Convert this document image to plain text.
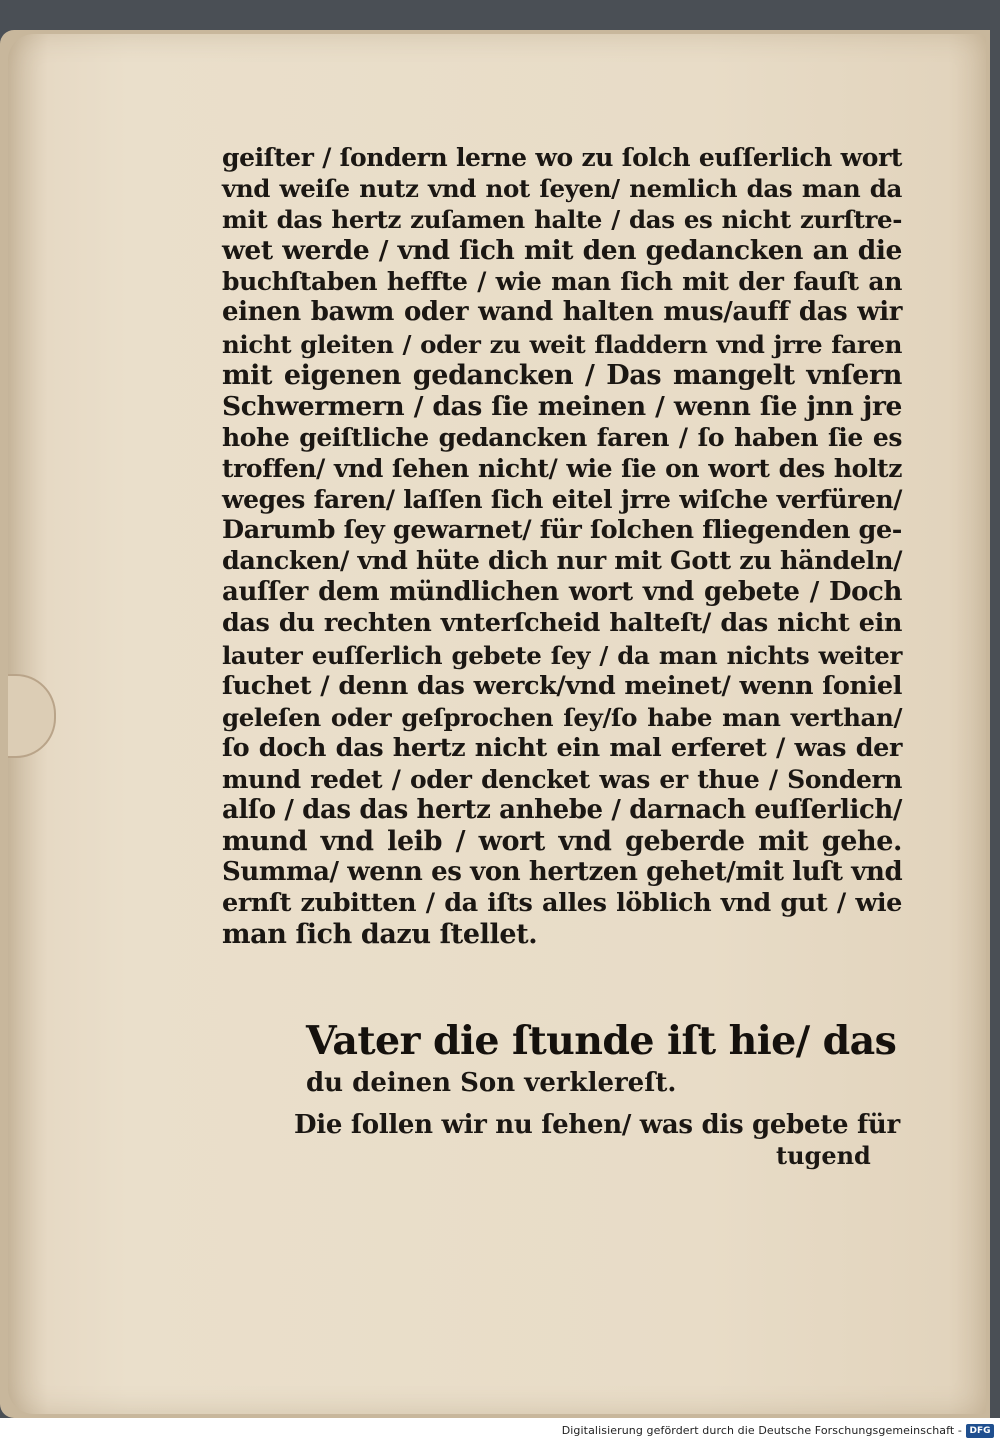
geiſter / ſondern lerne wo zu ſolch euſſerlich wort
vnd weiſe nutz vnd not ſeyen/ nemlich das man da
mit das hertz zuſamen halte / das es nicht zurſtre-
wet werde / vnd ſich mit den gedancken an die
buchſtaben heffte / wie man ſich mit der fauſt an
einen bawm oder wand halten mus/auff das wir
nicht gleiten / oder zu weit fladdern vnd jrre faren
mit eigenen gedancken / Das mangelt vnſern
Schwermern / das ſie meinen / wenn ſie jnn jre
hohe geiſtliche gedancken faren / ſo haben ſie es
troffen/ vnd ſehen nicht/ wie ſie on wort des holtz
weges faren/ laſſen ſich eitel jrre wiſche verfüren/
Darumb ſey gewarnet/ für ſolchen fliegenden ge-
dancken/ vnd hüte dich nur mit Gott zu händeln/
auſſer dem mündlichen wort vnd gebete / Doch
das du rechten vnterſcheid halteſt/ das nicht ein
lauter euſſerlich gebete ſey / da man nichts weiter
ſuchet / denn das werck/vnd meinet/ wenn ſoniel
geleſen oder geſprochen ſey/ſo habe man verthan/
ſo doch das hertz nicht ein mal erferet / was der
mund redet / oder dencket was er thue / Sondern
alſo / das das hertz anhebe / darnach euſſerlich/
mund vnd leib / wort vnd geberde mit gehe.
Summa/ wenn es von hertzen gehet/mit luſt vnd
ernſt zubitten / da iſts alles löblich vnd gut / wie
man ſich dazu ſtellet.
Vater die ſtunde iſt hie/ das
du deinen Son verklereſt.
Die ſollen wir nu ſehen/ was dis gebete für
tugend
Digitalisierung gefördert durch die Deutsche Forschungsgemeinschaft - DFG
